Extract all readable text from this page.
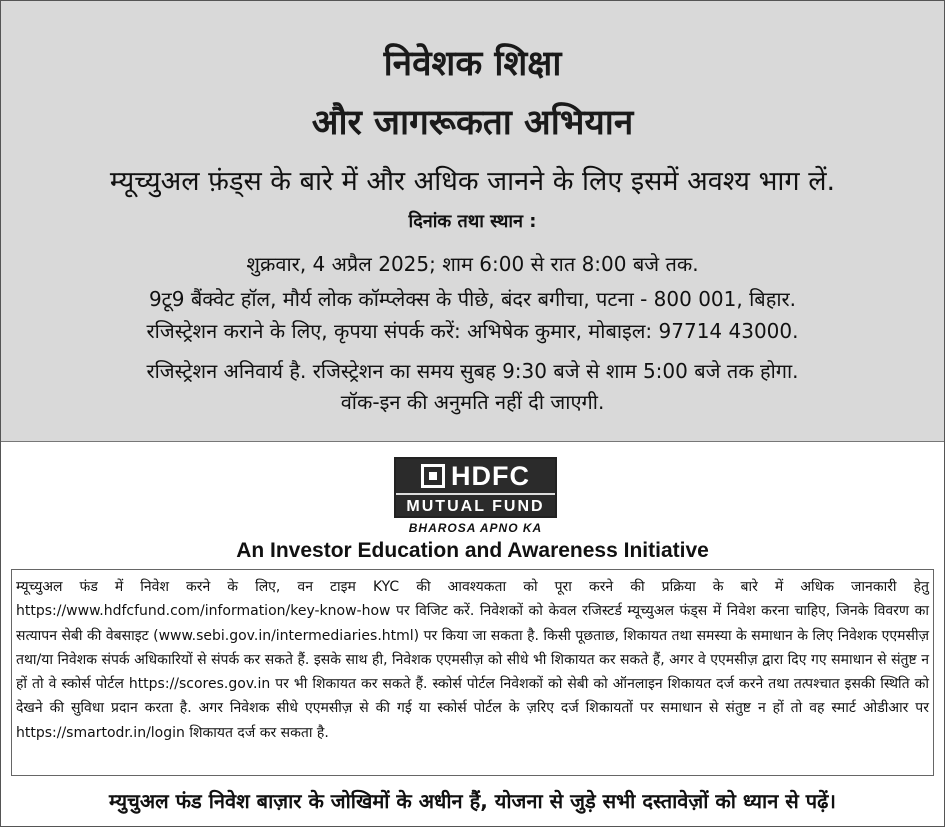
निवेशक शिक्षा
और जागरूकता अभियान
म्यूच्युअल फ़ंड्स के बारे में और अधिक जानने के लिए इसमें अवश्य भाग लें.
दिनांक तथा स्थान :
शुक्रवार, 4 अप्रैल 2025; शाम 6:00 से रात 8:00 बजे तक.
9टू9 बैंक्वेट हॉल, मौर्य लोक कॉम्प्लेक्स के पीछे, बंदर बगीचा, पटना - 800 001, बिहार.
रजिस्ट्रेशन कराने के लिए, कृपया संपर्क करें: अभिषेक कुमार, मोबाइल: 97714 43000.
रजिस्ट्रेशन अनिवार्य है. रजिस्ट्रेशन का समय सुबह 9:30 बजे से शाम 5:00 बजे तक होगा.
वॉक-इन की अनुमति नहीं दी जाएगी.
HDFC
MUTUAL FUND
BHAROSA APNO KA
An Investor Education and Awareness Initiative
म्यूच्युअल फंड में निवेश करने के लिए, वन टाइम KYC की आवश्यकता को पूरा करने की प्रक्रिया के बारे में अधिक जानकारी हेतु https://www.hdfcfund.com/information/key-know-how पर विजिट करें. निवेशकों को केवल रजिस्टर्ड म्यूच्युअल फंड्स में निवेश करना चाहिए, जिनके विवरण का सत्यापन सेबी की वेबसाइट (www.sebi.gov.in/intermediaries.html) पर किया जा सकता है. किसी पूछताछ, शिकायत तथा समस्या के समाधान के लिए निवेशक एएमसीज़ तथा/या निवेशक संपर्क अधिकारियों से संपर्क कर सकते हैं. इसके साथ ही, निवेशक एएमसीज़ को सीधे भी शिकायत कर सकते हैं, अगर वे एएमसीज़ द्वारा दिए गए समाधान से संतुष्ट न हों तो वे स्कोर्स पोर्टल https://scores.gov.in पर भी शिकायत कर सकते हैं. स्कोर्स पोर्टल निवेशकों को सेबी को ऑनलाइन शिकायत दर्ज करने तथा तत्पश्चात इसकी स्थिति को देखने की सुविधा प्रदान करता है. अगर निवेशक सीधे एएमसीज़ से की गई या स्कोर्स पोर्टल के ज़रिए दर्ज शिकायतों पर समाधान से संतुष्ट न हों तो वह स्मार्ट ओडीआर पर https://smartodr.in/login शिकायत दर्ज कर सकता है.
म्युचुअल फंड निवेश बाज़ार के जोखिमों के अधीन हैं, योजना से जुड़े सभी दस्तावेज़ों को ध्यान से पढ़ें।
